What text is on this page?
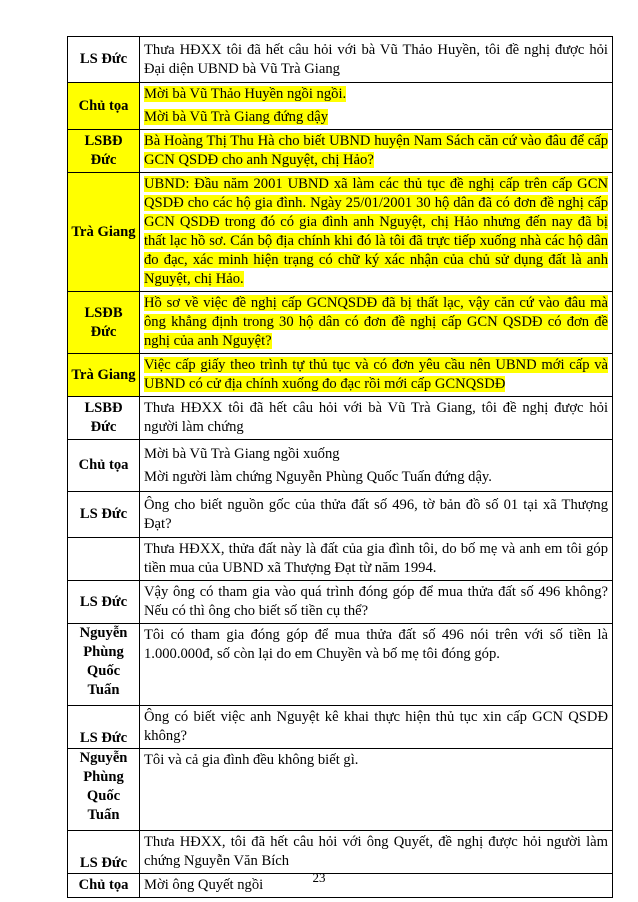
LS Đức	Thưa HĐXX tôi đã hết câu hỏi với bà Vũ Thảo Huyền, tôi đề nghị được hỏi Đại diện UBND bà Vũ Trà Giang

Chủ tọa	Mời bà Vũ Thảo Huyền ngồi ngồi.
Mời bà Vũ Trà Giang đứng dậy

LSBĐ Đức	Bà Hoàng Thị Thu Hà cho biết UBND huyện Nam Sách căn cứ vào đâu để cấp GCN QSDĐ cho anh Nguyệt, chị Hảo?

Trà Giang	UBND: Đầu năm 2001 UBND xã làm các thủ tục đề nghị cấp trên cấp GCN QSDĐ cho các hộ gia đình. Ngày 25/01/2001 30 hộ dân đã có đơn đề nghị cấp GCN QSDĐ trong đó có gia đình anh Nguyệt, chị Hảo nhưng đến nay đã bị thất lạc hồ sơ. Cán bộ địa chính khi đó là tôi đã trực tiếp xuống nhà các hộ dân đo đạc, xác minh hiện trạng có chữ ký xác nhận của chủ sử dụng đất là anh Nguyệt, chị Hảo.

LSĐB Đức	Hồ sơ về việc đề nghị cấp GCNQSDĐ đã bị thất lạc, vậy căn cứ vào đâu mà ông khẳng định trong 30 hộ dân có đơn đề nghị cấp GCN QSDĐ có đơn đề nghị của anh Nguyệt?

Trà Giang	Việc cấp giấy theo trình tự thủ tục và có đơn yêu cầu nên UBND mới cấp và UBND có cử địa chính xuống đo đạc rồi mới cấp GCNQSDĐ

LSBĐ Đức	Thưa HĐXX tôi đã hết câu hỏi với bà Vũ Trà Giang, tôi đề nghị được hỏi người làm chứng

Chủ tọa	Mời bà Vũ Trà Giang ngồi xuống
Mời người làm chứng Nguyễn Phùng Quốc Tuấn đứng dậy.

LS Đức	Ông cho biết nguồn gốc của thửa đất số 496, tờ bản đồ số 01 tại xã Thượng Đạt?

	Thưa HĐXX, thửa đất này là đất của gia đình tôi, do bố mẹ và anh em tôi góp tiền mua của UBND xã Thượng Đạt từ năm 1994.

LS Đức	Vậy ông có tham gia vào quá trình đóng góp để mua thửa đất số 496 không? Nếu có thì ông cho biết số tiền cụ thể?

Nguyễn Phùng Quốc Tuấn	Tôi có tham gia đóng góp để mua thửa đất số 496 nói trên với số tiền là 1.000.000đ, số còn lại do em Chuyền và bố mẹ tôi đóng góp.

LS Đức	Ông có biết việc anh Nguyệt kê khai thực hiện thủ tục xin cấp GCN QSDĐ không?

Nguyễn Phùng Quốc Tuấn	Tôi và cả gia đình đều không biết gì.

LS Đức	Thưa HĐXX, tôi đã hết câu hỏi với ông Quyết, đề nghị được hỏi người làm chứng Nguyễn Văn Bích

Chủ tọa	Mời ông Quyết ngồi	23
